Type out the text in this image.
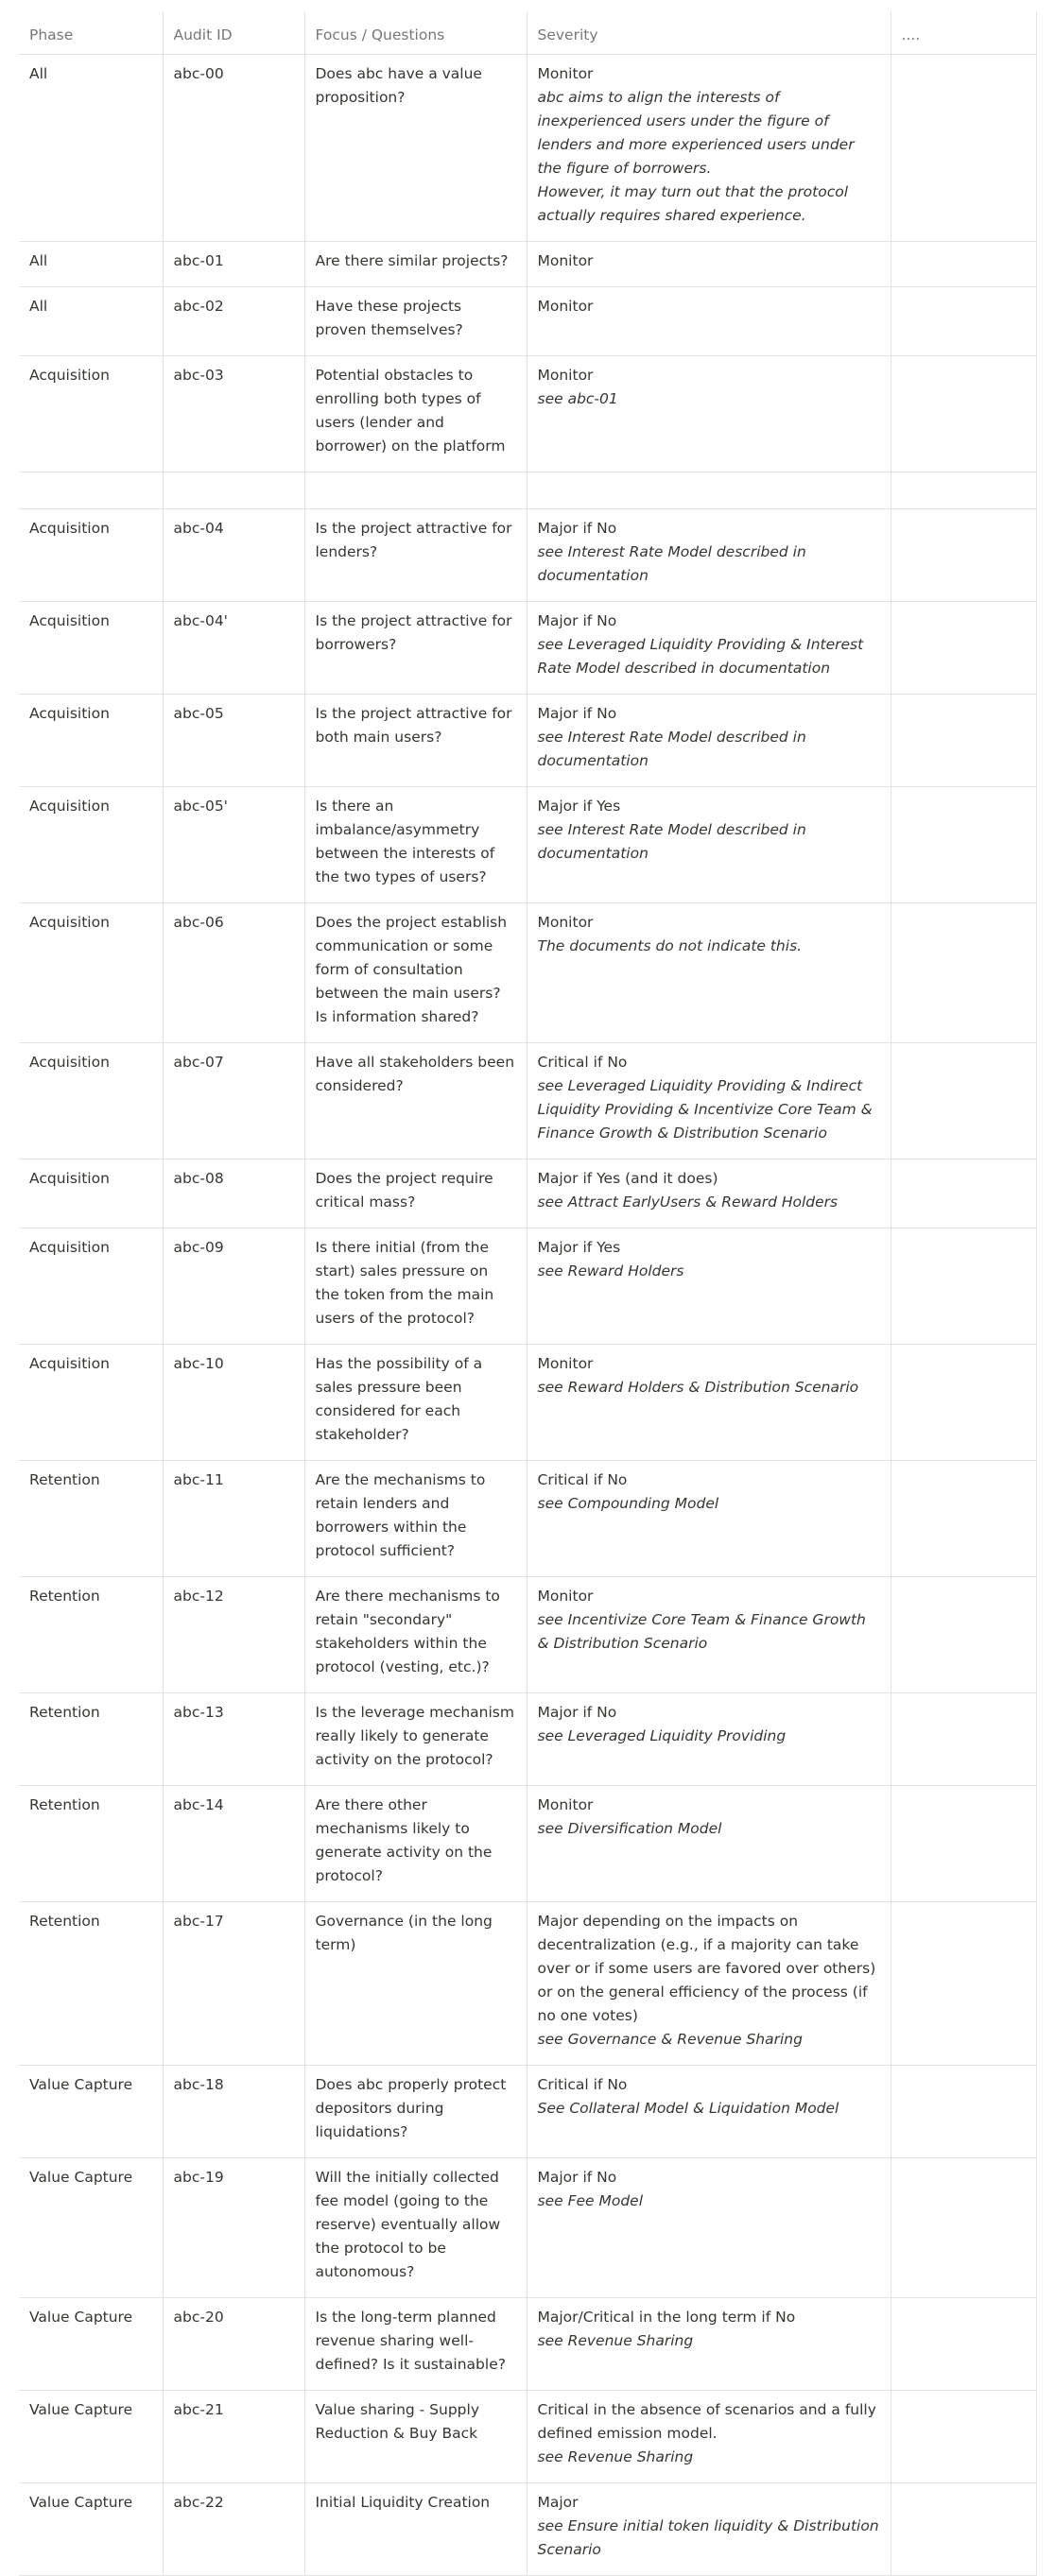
Phase	Audit ID	Focus / Questions	Severity	....
All	abc-00	Does abc have a value proposition?	Monitor
abc aims to align the interests of inexperienced users under the figure of lenders and more experienced users under the figure of borrowers.
However, it may turn out that the protocol actually requires shared experience.	

All	abc-01	Are there similar projects?	Monitor	

All	abc-02	Have these projects proven themselves?	Monitor	

Acquisition	abc-03	Potential obstacles to enrolling both types of users (lender and borrower) on the platform	Monitor
see abc-01	

Acquisition	abc-04	Is the project attractive for lenders?	Major if No
see Interest Rate Model described in documentation	

Acquisition	abc-04'	Is the project attractive for borrowers?	Major if No
see Leveraged Liquidity Providing & Interest Rate Model described in documentation	

Acquisition	abc-05	Is the project attractive for both main users?	Major if No
see Interest Rate Model described in documentation	

Acquisition	abc-05'	Is there an imbalance/asymmetry between the interests of the two types of users?	Major if Yes
see Interest Rate Model described in documentation	

Acquisition	abc-06	Does the project establish communication or some form of consultation between the main users? Is information shared?	Monitor
The documents do not indicate this.	

Acquisition	abc-07	Have all stakeholders been considered?	Critical if No
see Leveraged Liquidity Providing & Indirect Liquidity Providing & Incentivize Core Team & Finance Growth & Distribution Scenario	

Acquisition	abc-08	Does the project require critical mass?	Major if Yes (and it does)
see Attract EarlyUsers & Reward Holders	

Acquisition	abc-09	Is there initial (from the start) sales pressure on the token from the main users of the protocol?	Major if Yes
see Reward Holders	

Acquisition	abc-10	Has the possibility of a sales pressure been considered for each stakeholder?	Monitor
see Reward Holders & Distribution Scenario	

Retention	abc-11	Are the mechanisms to retain lenders and borrowers within the protocol sufficient?	Critical if No
see Compounding Model	

Retention	abc-12	Are there mechanisms to retain "secondary" stakeholders within the protocol (vesting, etc.)?	Monitor
see Incentivize Core Team & Finance Growth & Distribution Scenario	

Retention	abc-13	Is the leverage mechanism really likely to generate activity on the protocol?	Major if No
see Leveraged Liquidity Providing	

Retention	abc-14	Are there other mechanisms likely to generate activity on the protocol?	Monitor
see Diversification Model	

Retention	abc-17	Governance (in the long term)	Major depending on the impacts on decentralization (e.g., if a majority can take over or if some users are favored over others) or on the general efficiency of the process (if no one votes)
see Governance & Revenue Sharing	

Value Capture	abc-18	Does abc properly protect depositors during liquidations?	Critical if No
See Collateral Model & Liquidation Model	

Value Capture	abc-19	Will the initially collected fee model (going to the reserve) eventually allow the protocol to be autonomous?	Major if No
see Fee Model	

Value Capture	abc-20	Is the long-term planned revenue sharing well-defined? Is it sustainable?	Major/Critical in the long term if No
see Revenue Sharing	

Value Capture	abc-21	Value sharing - Supply Reduction & Buy Back	Critical in the absence of scenarios and a fully defined emission model.
see Revenue Sharing	

Value Capture	abc-22	Initial Liquidity Creation	Major
see Ensure initial token liquidity & Distribution Scenario	
